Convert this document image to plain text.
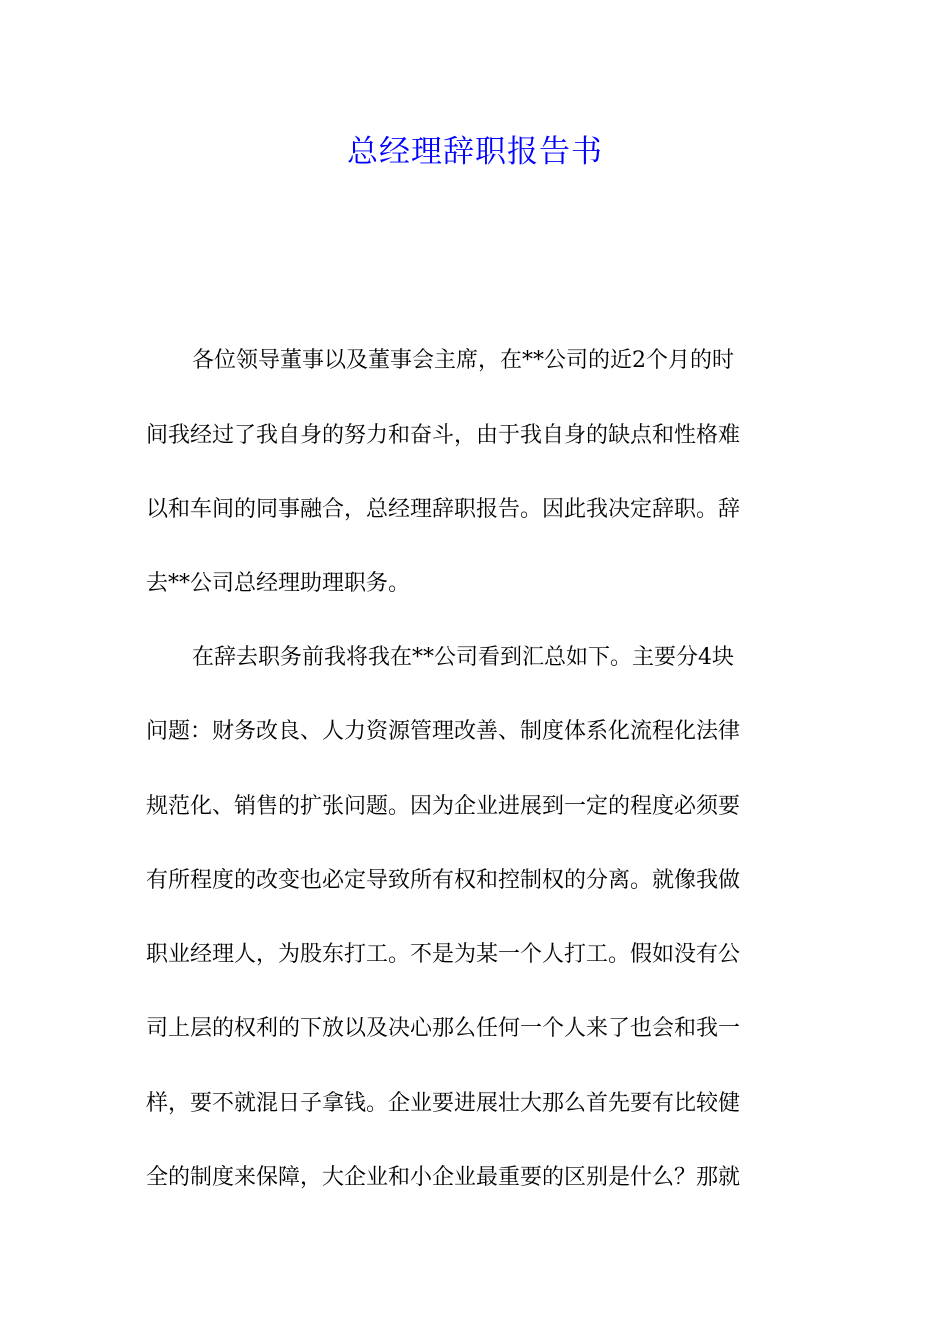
总经理辞职报告书
各位领导董事以及董事会主席，在**公司的近2个月的时
间我经过了我自身的努力和奋斗，由于我自身的缺点和性格难
以和车间的同事融合，总经理辞职报告。因此我决定辞职。辞
去**公司总经理助理职务。
在辞去职务前我将我在**公司看到汇总如下。主要分4块
问题：财务改良、人力资源管理改善、制度体系化流程化法律
规范化、销售的扩张问题。因为企业进展到一定的程度必须要
有所程度的改变也必定导致所有权和控制权的分离。就像我做
职业经理人，为股东打工。不是为某一个人打工。假如没有公
司上层的权利的下放以及决心那么任何一个人来了也会和我一
样，要不就混日子拿钱。企业要进展壮大那么首先要有比较健
全的制度来保障，大企业和小企业最重要的区别是什么？那就
